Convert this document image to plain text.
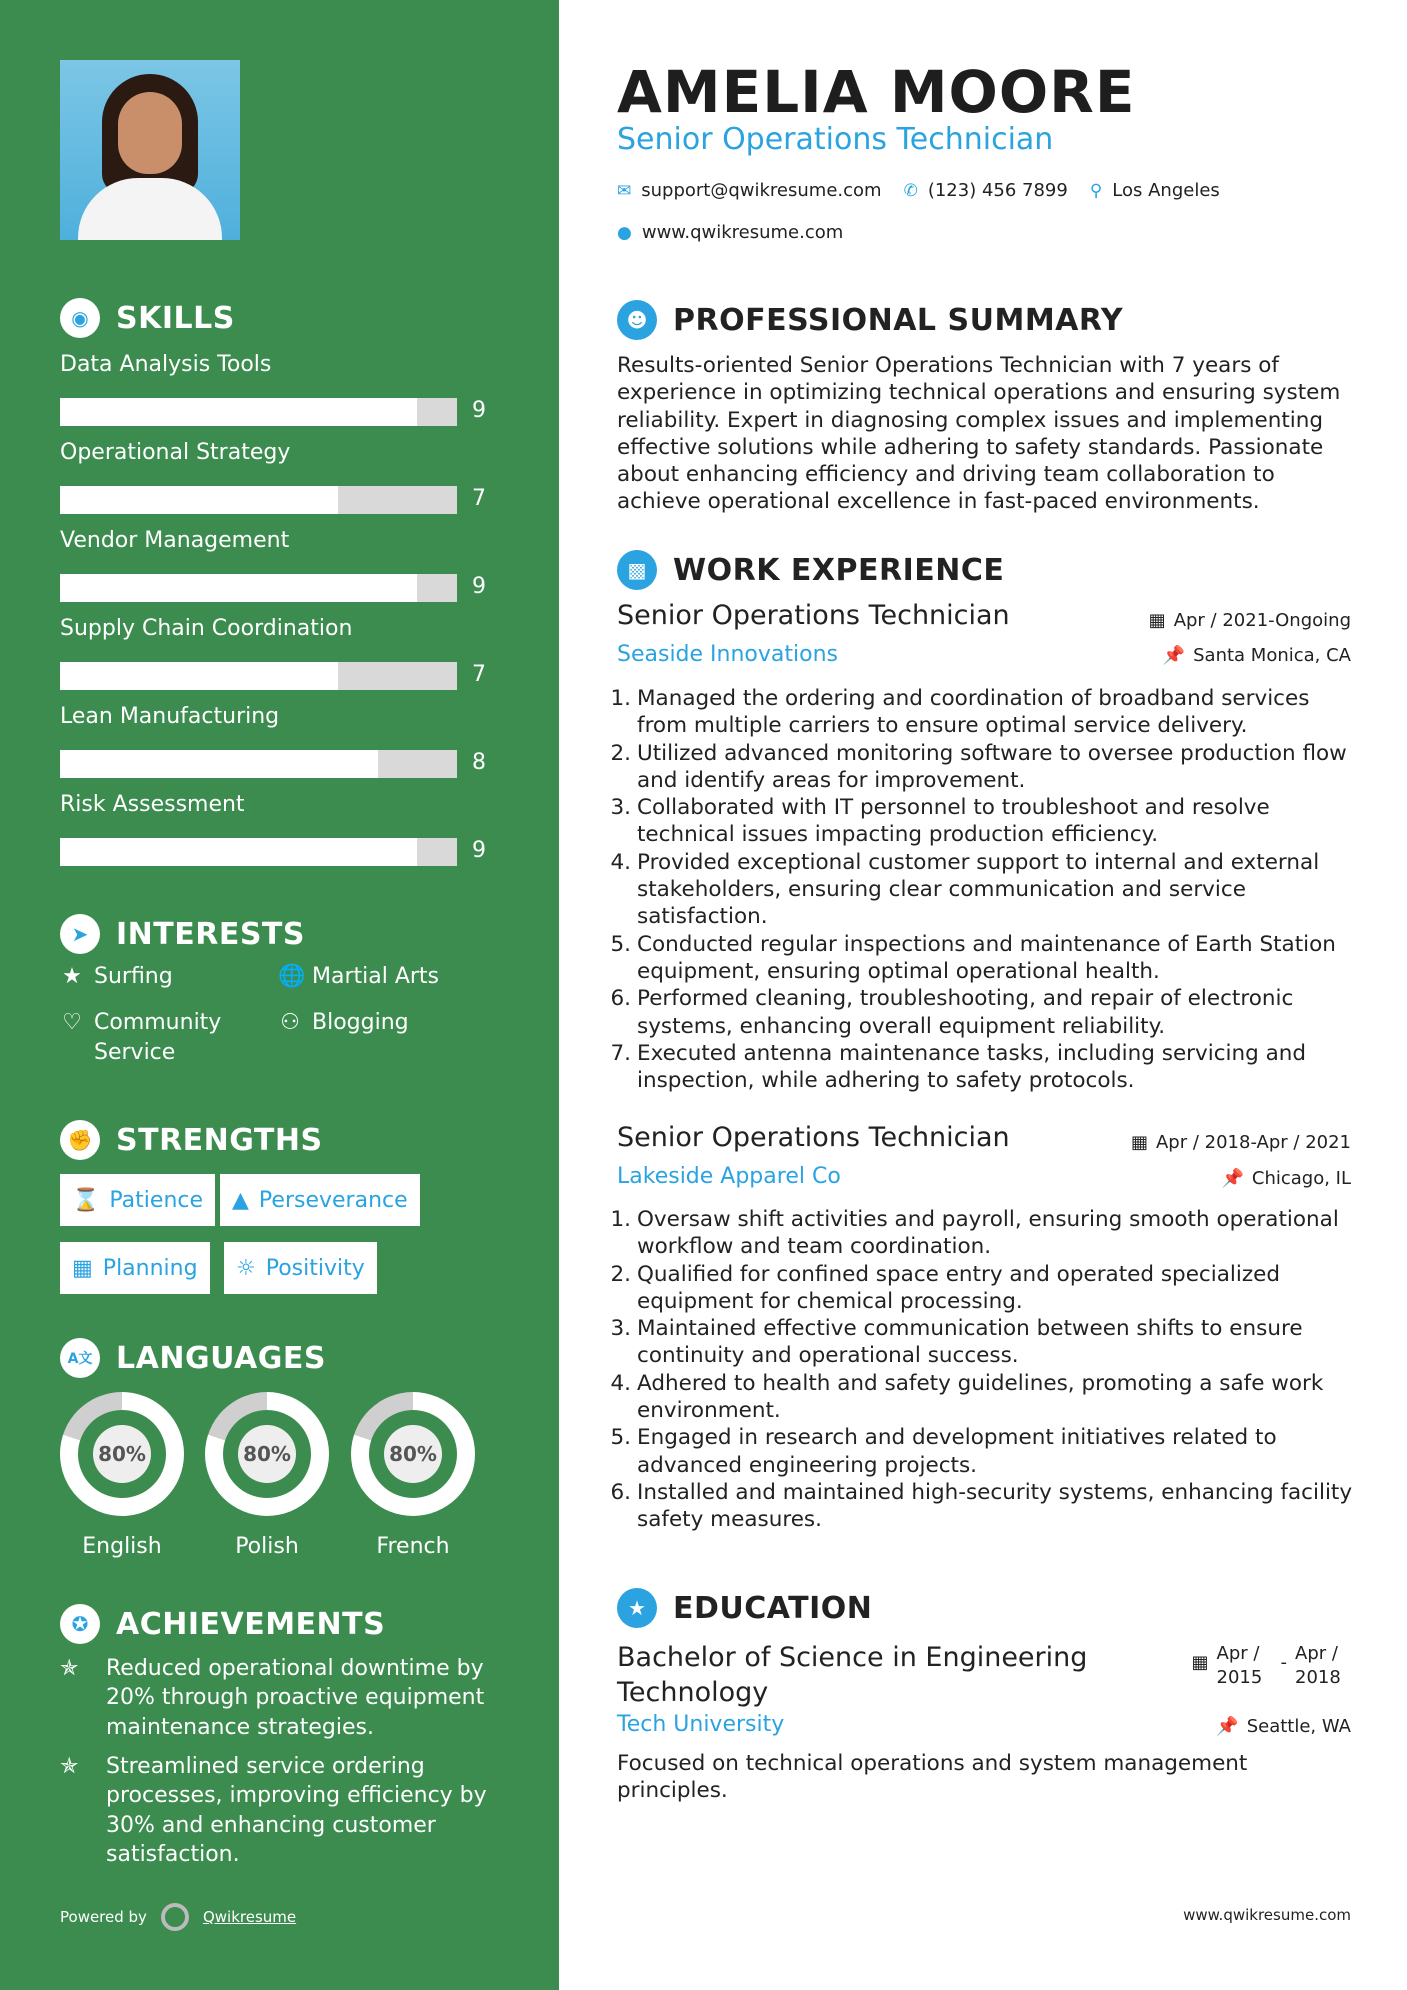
◉ SKILLS
Data Analysis Tools
9
Operational Strategy
7
Vendor Management
9
Supply Chain Coordination
7
Lean Manufacturing
8
Risk Assessment
9
➤ INTERESTS
★ Surfing	🌐 Martial Arts
♡ Community Service
⚇ Blogging
✊ STRENGTHS
⌛ Patience ▲ Perseverance
▦ Planning ☼ Positivity
A文 LANGUAGES
80%
English
80%
Polish
80%
French
✪ ACHIEVEMENTS
✯	Reduced operational downtime by 20% through proactive equipment maintenance strategies.
✯	Streamlined service ordering processes, improving efficiency by 30% and enhancing customer satisfaction.
Powered by	Qwikresume
AMELIA MOORE
Senior Operations Technician
✉ support@qwikresume.com ✆ (123) 456 7899 ⚲ Los Angeles
● www.qwikresume.com
☻ PROFESSIONAL SUMMARY
Results-oriented Senior Operations Technician with 7 years of experience in optimizing technical operations and ensuring system reliability. Expert in diagnosing complex issues and implementing effective solutions while adhering to safety standards. Passionate about enhancing efficiency and driving team collaboration to achieve operational excellence in fast-paced environments.
▩ WORK EXPERIENCE
Senior Operations Technician	▦ Apr / 2021-Ongoing
Seaside Innovations	📌 Santa Monica, CA
1. Managed the ordering and coordination of broadband services from multiple carriers to ensure optimal service delivery.
2. Utilized advanced monitoring software to oversee production flow and identify areas for improvement.
3. Collaborated with IT personnel to troubleshoot and resolve technical issues impacting production efficiency.
4. Provided exceptional customer support to internal and external stakeholders, ensuring clear communication and service satisfaction.
5. Conducted regular inspections and maintenance of Earth Station equipment, ensuring optimal operational health.
6. Performed cleaning, troubleshooting, and repair of electronic systems, enhancing overall equipment reliability.
7. Executed antenna maintenance tasks, including servicing and inspection, while adhering to safety protocols.
Senior Operations Technician	▦ Apr / 2018-Apr / 2021
Lakeside Apparel Co	📌 Chicago, IL
1. Oversaw shift activities and payroll, ensuring smooth operational workflow and team coordination.
2. Qualified for confined space entry and operated specialized equipment for chemical processing.
3. Maintained effective communication between shifts to ensure continuity and operational success.
4. Adhered to health and safety guidelines, promoting a safe work environment.
5. Engaged in research and development initiatives related to advanced engineering projects.
6. Installed and maintained high-security systems, enhancing facility safety measures.
★ EDUCATION
Bachelor of Science in Engineering Technology
▦ Apr / 2015
- Apr / 2018
Tech University	📌 Seattle, WA
Focused on technical operations and system management principles.
www.qwikresume.com
